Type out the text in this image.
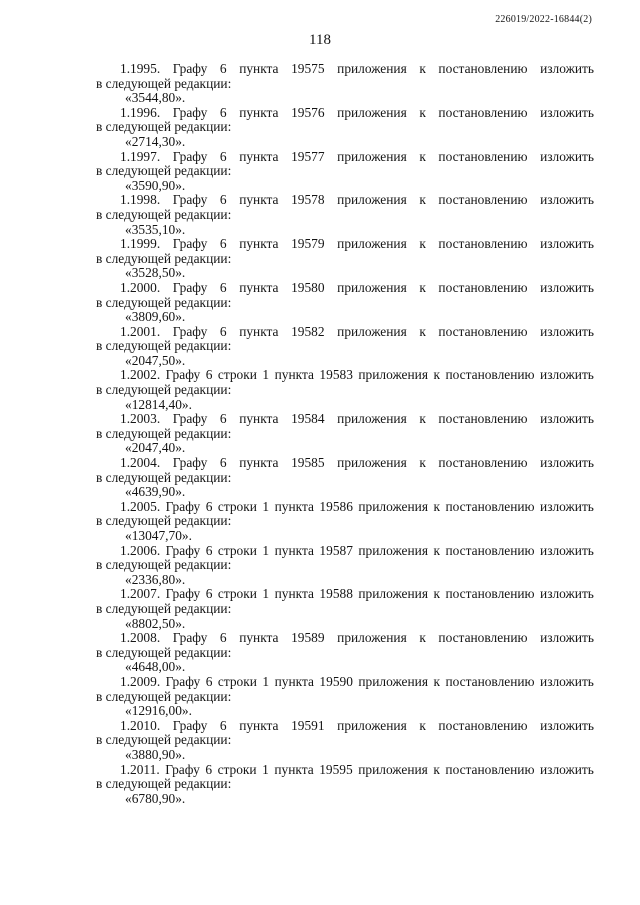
226019/2022-16844(2)
118
1.1995. Графу 6 пункта 19575 приложения к постановлению изложить
в следующей редакции:
«3544,80».
1.1996. Графу 6 пункта 19576 приложения к постановлению изложить
в следующей редакции:
«2714,30».
1.1997. Графу 6 пункта 19577 приложения к постановлению изложить
в следующей редакции:
«3590,90».
1.1998. Графу 6 пункта 19578 приложения к постановлению изложить
в следующей редакции:
«3535,10».
1.1999. Графу 6 пункта 19579 приложения к постановлению изложить
в следующей редакции:
«3528,50».
1.2000. Графу 6 пункта 19580 приложения к постановлению изложить
в следующей редакции:
«3809,60».
1.2001. Графу 6 пункта 19582 приложения к постановлению изложить
в следующей редакции:
«2047,50».
1.2002. Графу 6 строки 1 пункта 19583 приложения к постановлению изложить
в следующей редакции:
«12814,40».
1.2003. Графу 6 пункта 19584 приложения к постановлению изложить
в следующей редакции:
«2047,40».
1.2004. Графу 6 пункта 19585 приложения к постановлению изложить
в следующей редакции:
«4639,90».
1.2005. Графу 6 строки 1 пункта 19586 приложения к постановлению изложить
в следующей редакции:
«13047,70».
1.2006. Графу 6 строки 1 пункта 19587 приложения к постановлению изложить
в следующей редакции:
«2336,80».
1.2007. Графу 6 строки 1 пункта 19588 приложения к постановлению изложить
в следующей редакции:
«8802,50».
1.2008. Графу 6 пункта 19589 приложения к постановлению изложить
в следующей редакции:
«4648,00».
1.2009. Графу 6 строки 1 пункта 19590 приложения к постановлению изложить
в следующей редакции:
«12916,00».
1.2010. Графу 6 пункта 19591 приложения к постановлению изложить
в следующей редакции:
«3880,90».
1.2011. Графу 6 строки 1 пункта 19595 приложения к постановлению изложить
в следующей редакции:
«6780,90».
